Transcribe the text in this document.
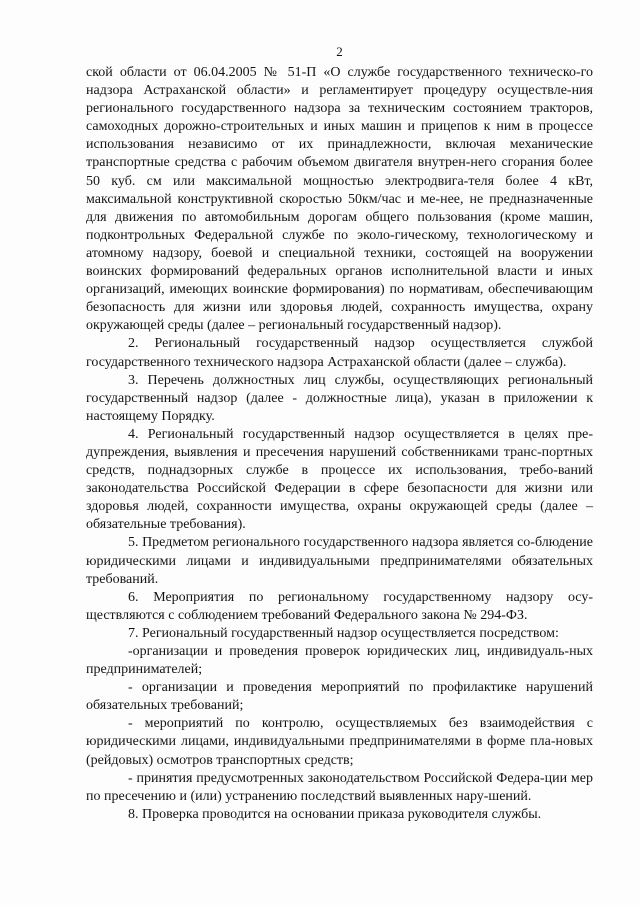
2

ской области от 06.04.2005 № 51-П «О службе государственного техническо-го надзора Астраханской области» и регламентирует процедуру осуществле-ния регионального государственного надзора за техническим состоянием тракторов, самоходных дорожно-строительных и иных машин и прицепов к ним в процессе использования независимо от их принадлежности, включая механические транспортные средства с рабочим объемом двигателя внутрен-него сгорания более 50 куб. см или максимальной мощностью электродвига-теля более 4 кВт, максимальной конструктивной скоростью 50км/час и ме-нее, не предназначенные для движения по автомобильным дорогам общего пользования (кроме машин, подконтрольных Федеральной службе по эколо-гическому, технологическому и атомному надзору, боевой и специальной техники, состоящей на вооружении воинских формирований федеральных органов исполнительной власти и иных организаций, имеющих воинские формирования) по нормативам, обеспечивающим безопасность для жизни или здоровья людей, сохранность имущества, охрану окружающей среды (далее – региональный государственный надзор).

2. Региональный государственный надзор осуществляется службой государственного технического надзора Астраханской области (далее – служба).

3. Перечень должностных лиц службы, осуществляющих региональный государственный надзор (далее - должностные лица), указан в приложении к настоящему Порядку.

4. Региональный государственный надзор осуществляется в целях пре-дупреждения, выявления и пресечения нарушений собственниками транс-портных средств, поднадзорных службе в процессе их использования, требо-ваний законодательства Российской Федерации в сфере безопасности для жизни или здоровья людей, сохранности имущества, охраны окружающей среды (далее – обязательные требования).

5. Предметом регионального государственного надзора является со-блюдение юридическими лицами и индивидуальными предпринимателями обязательных требований.

6. Мероприятия по региональному государственному надзору осу-ществляются с соблюдением требований Федерального закона № 294-ФЗ.

7. Региональный государственный надзор осуществляется посредством:

-организации и проведения проверок юридических лиц, индивидуаль-ных предпринимателей;

- организации и проведения мероприятий по профилактике нарушений обязательных требований;

- мероприятий по контролю, осуществляемых без взаимодействия с юридическими лицами, индивидуальными предпринимателями в форме пла-новых (рейдовых) осмотров транспортных средств;

- принятия предусмотренных законодательством Российской Федера-ции мер по пресечению и (или) устранению последствий выявленных нару-шений.

8. Проверка проводится на основании приказа руководителя службы.
